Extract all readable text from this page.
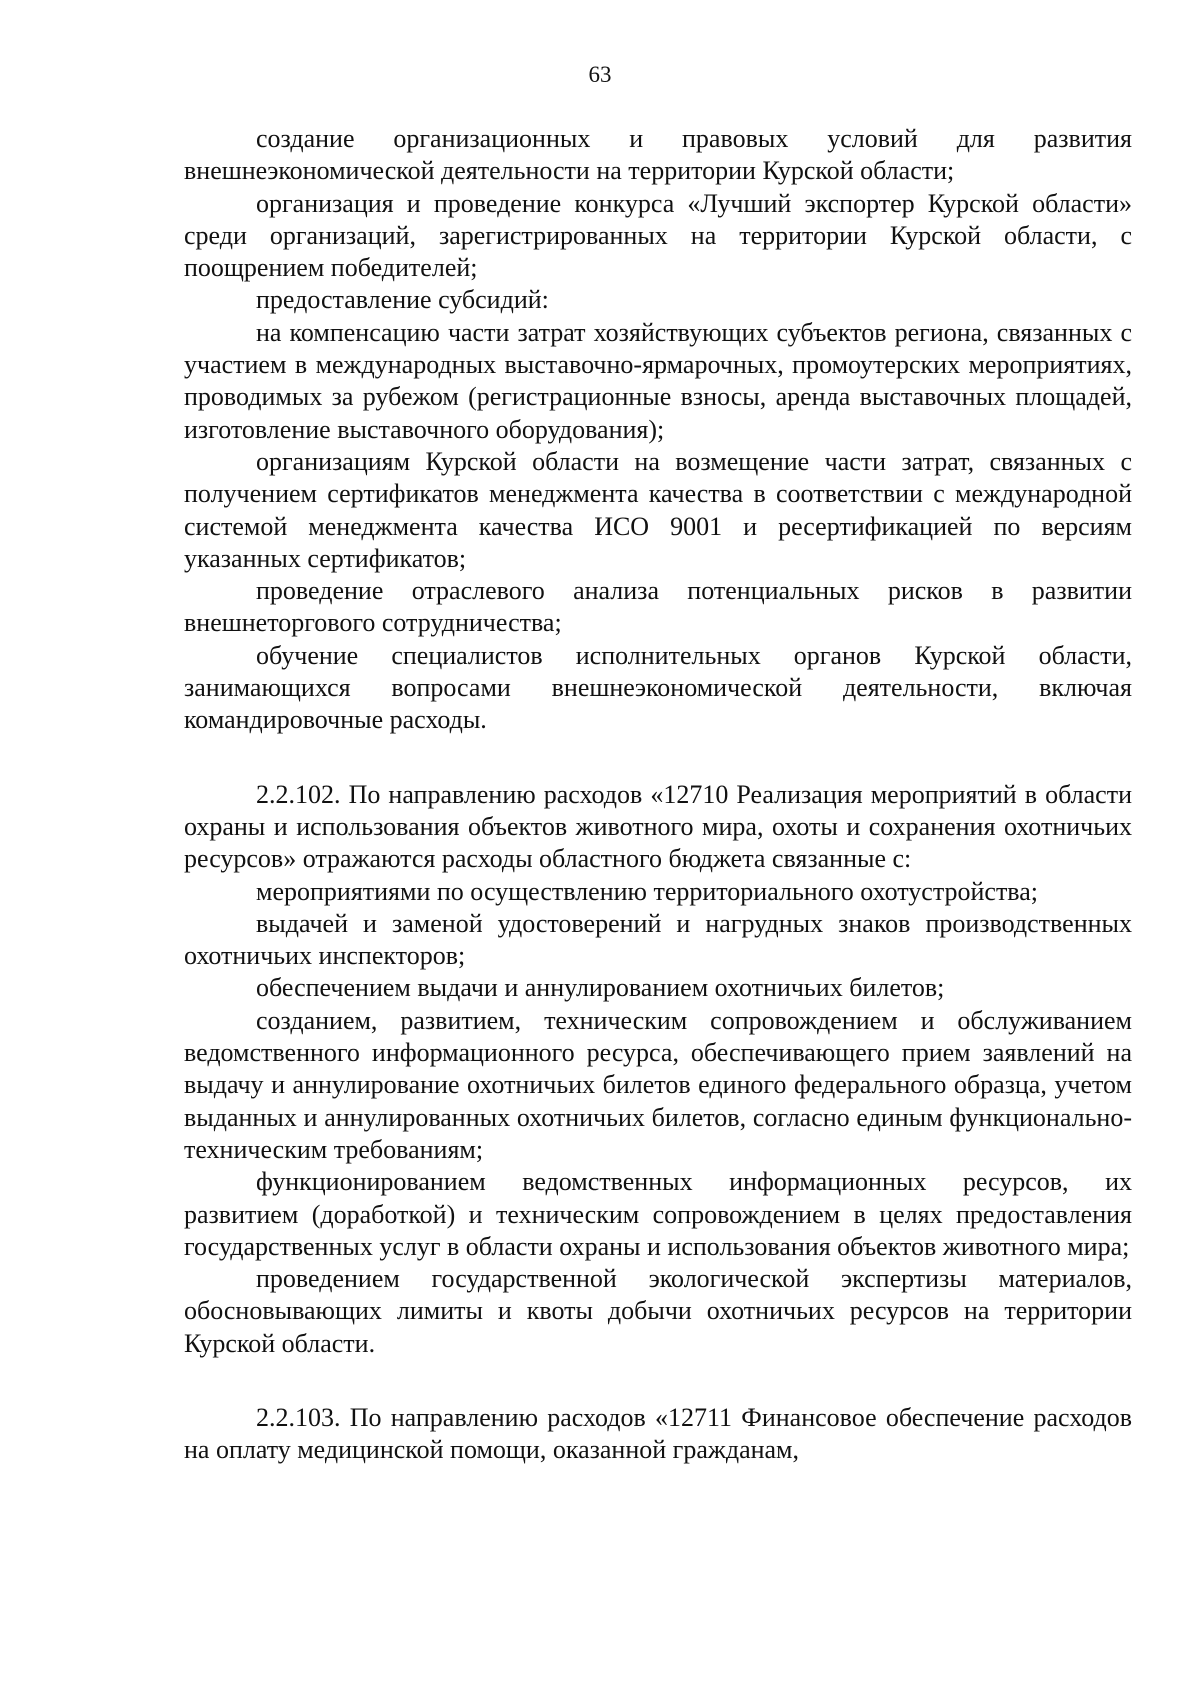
63

создание организационных и правовых условий для развития внешнеэкономической деятельности на территории Курской области;

организация и проведение конкурса «Лучший экспортер Курской области» среди организаций, зарегистрированных на территории Курской области, с поощрением победителей;

предоставление субсидий:

на компенсацию части затрат хозяйствующих субъектов региона, связанных с участием в международных выставочно-ярмарочных, промоутерских мероприятиях, проводимых за рубежом (регистрационные взносы, аренда выставочных площадей, изготовление выставочного оборудования);

организациям Курской области на возмещение части затрат, связанных с получением сертификатов менеджмента качества в соответствии с международной системой менеджмента качества ИСО 9001 и ресертификацией по версиям указанных сертификатов;

проведение отраслевого анализа потенциальных рисков в развитии внешнеторгового сотрудничества;

обучение специалистов исполнительных органов Курской области, занимающихся вопросами внешнеэкономической деятельности, включая командировочные расходы.

2.2.102. По направлению расходов «12710 Реализация мероприятий в области охраны и использования объектов животного мира, охоты и сохранения охотничьих ресурсов» отражаются расходы областного бюджета связанные с:

мероприятиями по осуществлению территориального охотустройства;

выдачей и заменой удостоверений и нагрудных знаков производственных охотничьих инспекторов;

обеспечением выдачи и аннулированием охотничьих билетов;

созданием, развитием, техническим сопровождением и обслуживанием ведомственного информационного ресурса, обеспечивающего прием заявлений на выдачу и аннулирование охотничьих билетов единого федерального образца, учетом выданных и аннулированных охотничьих билетов, согласно единым функционально-техническим требованиям;

функционированием ведомственных информационных ресурсов, их развитием (доработкой) и техническим сопровождением в целях предоставления государственных услуг в области охраны и использования объектов животного мира;

проведением государственной экологической экспертизы материалов, обосновывающих лимиты и квоты добычи охотничьих ресурсов на территории Курской области.

2.2.103. По направлению расходов «12711 Финансовое обеспечение расходов на оплату медицинской помощи, оказанной гражданам,
